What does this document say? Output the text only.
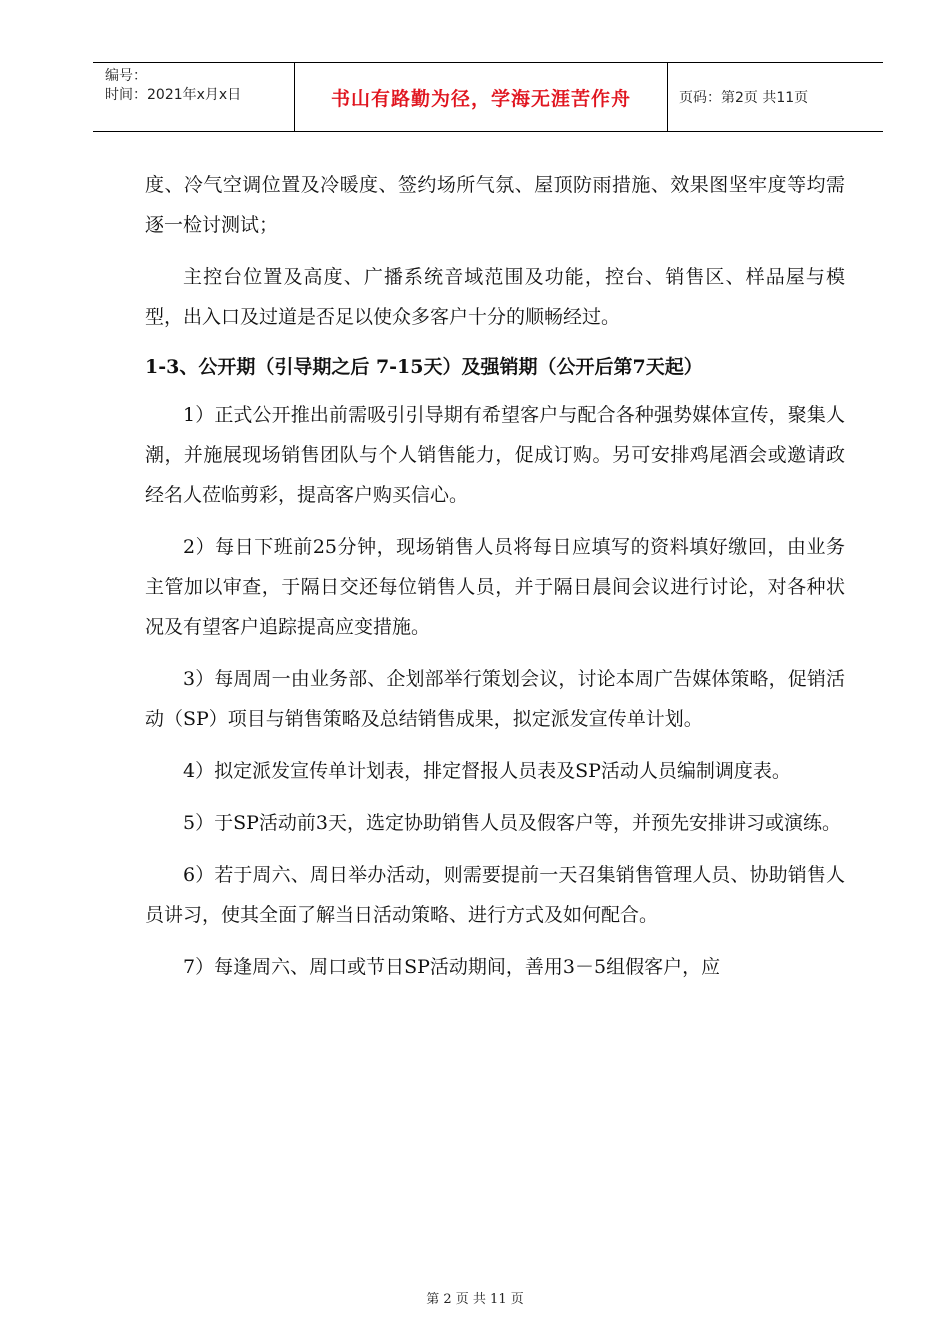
编号：
时间：2021年x月x日	书山有路勤为径，学海无涯苦作舟	页码：第2页 共11页

度、冷气空调位置及冷暖度、签约场所气氛、屋顶防雨措施、效果图坚牢度等均需逐一检讨测试；

主控台位置及高度、广播系统音域范围及功能，控台、销售区、样品屋与模型，出入口及过道是否足以使众多客户十分的顺畅经过。

1-3、公开期（引导期之后 7-15天）及强销期（公开后第7天起）

1）正式公开推出前需吸引引导期有希望客户与配合各种强势媒体宣传，聚集人潮，并施展现场销售团队与个人销售能力，促成订购。另可安排鸡尾酒会或邀请政经名人莅临剪彩，提高客户购买信心。

2）每日下班前25分钟，现场销售人员将每日应填写的资料填好缴回，由业务主管加以审查，于隔日交还每位销售人员，并于隔日晨间会议进行讨论，对各种状况及有望客户追踪提高应变措施。

3）每周周一由业务部、企划部举行策划会议，讨论本周广告媒体策略，促销活动（SP）项目与销售策略及总结销售成果，拟定派发宣传单计划。

4）拟定派发宣传单计划表，排定督报人员表及SP活动人员编制调度表。

5）于SP活动前3天，选定协助销售人员及假客户等，并预先安排讲习或演练。

6）若于周六、周日举办活动，则需要提前一天召集销售管理人员、协助销售人员讲习，使其全面了解当日活动策略、进行方式及如何配合。

7）每逢周六、周口或节日SP活动期间，善用3－5组假客户，应

第 2 页 共 11 页
